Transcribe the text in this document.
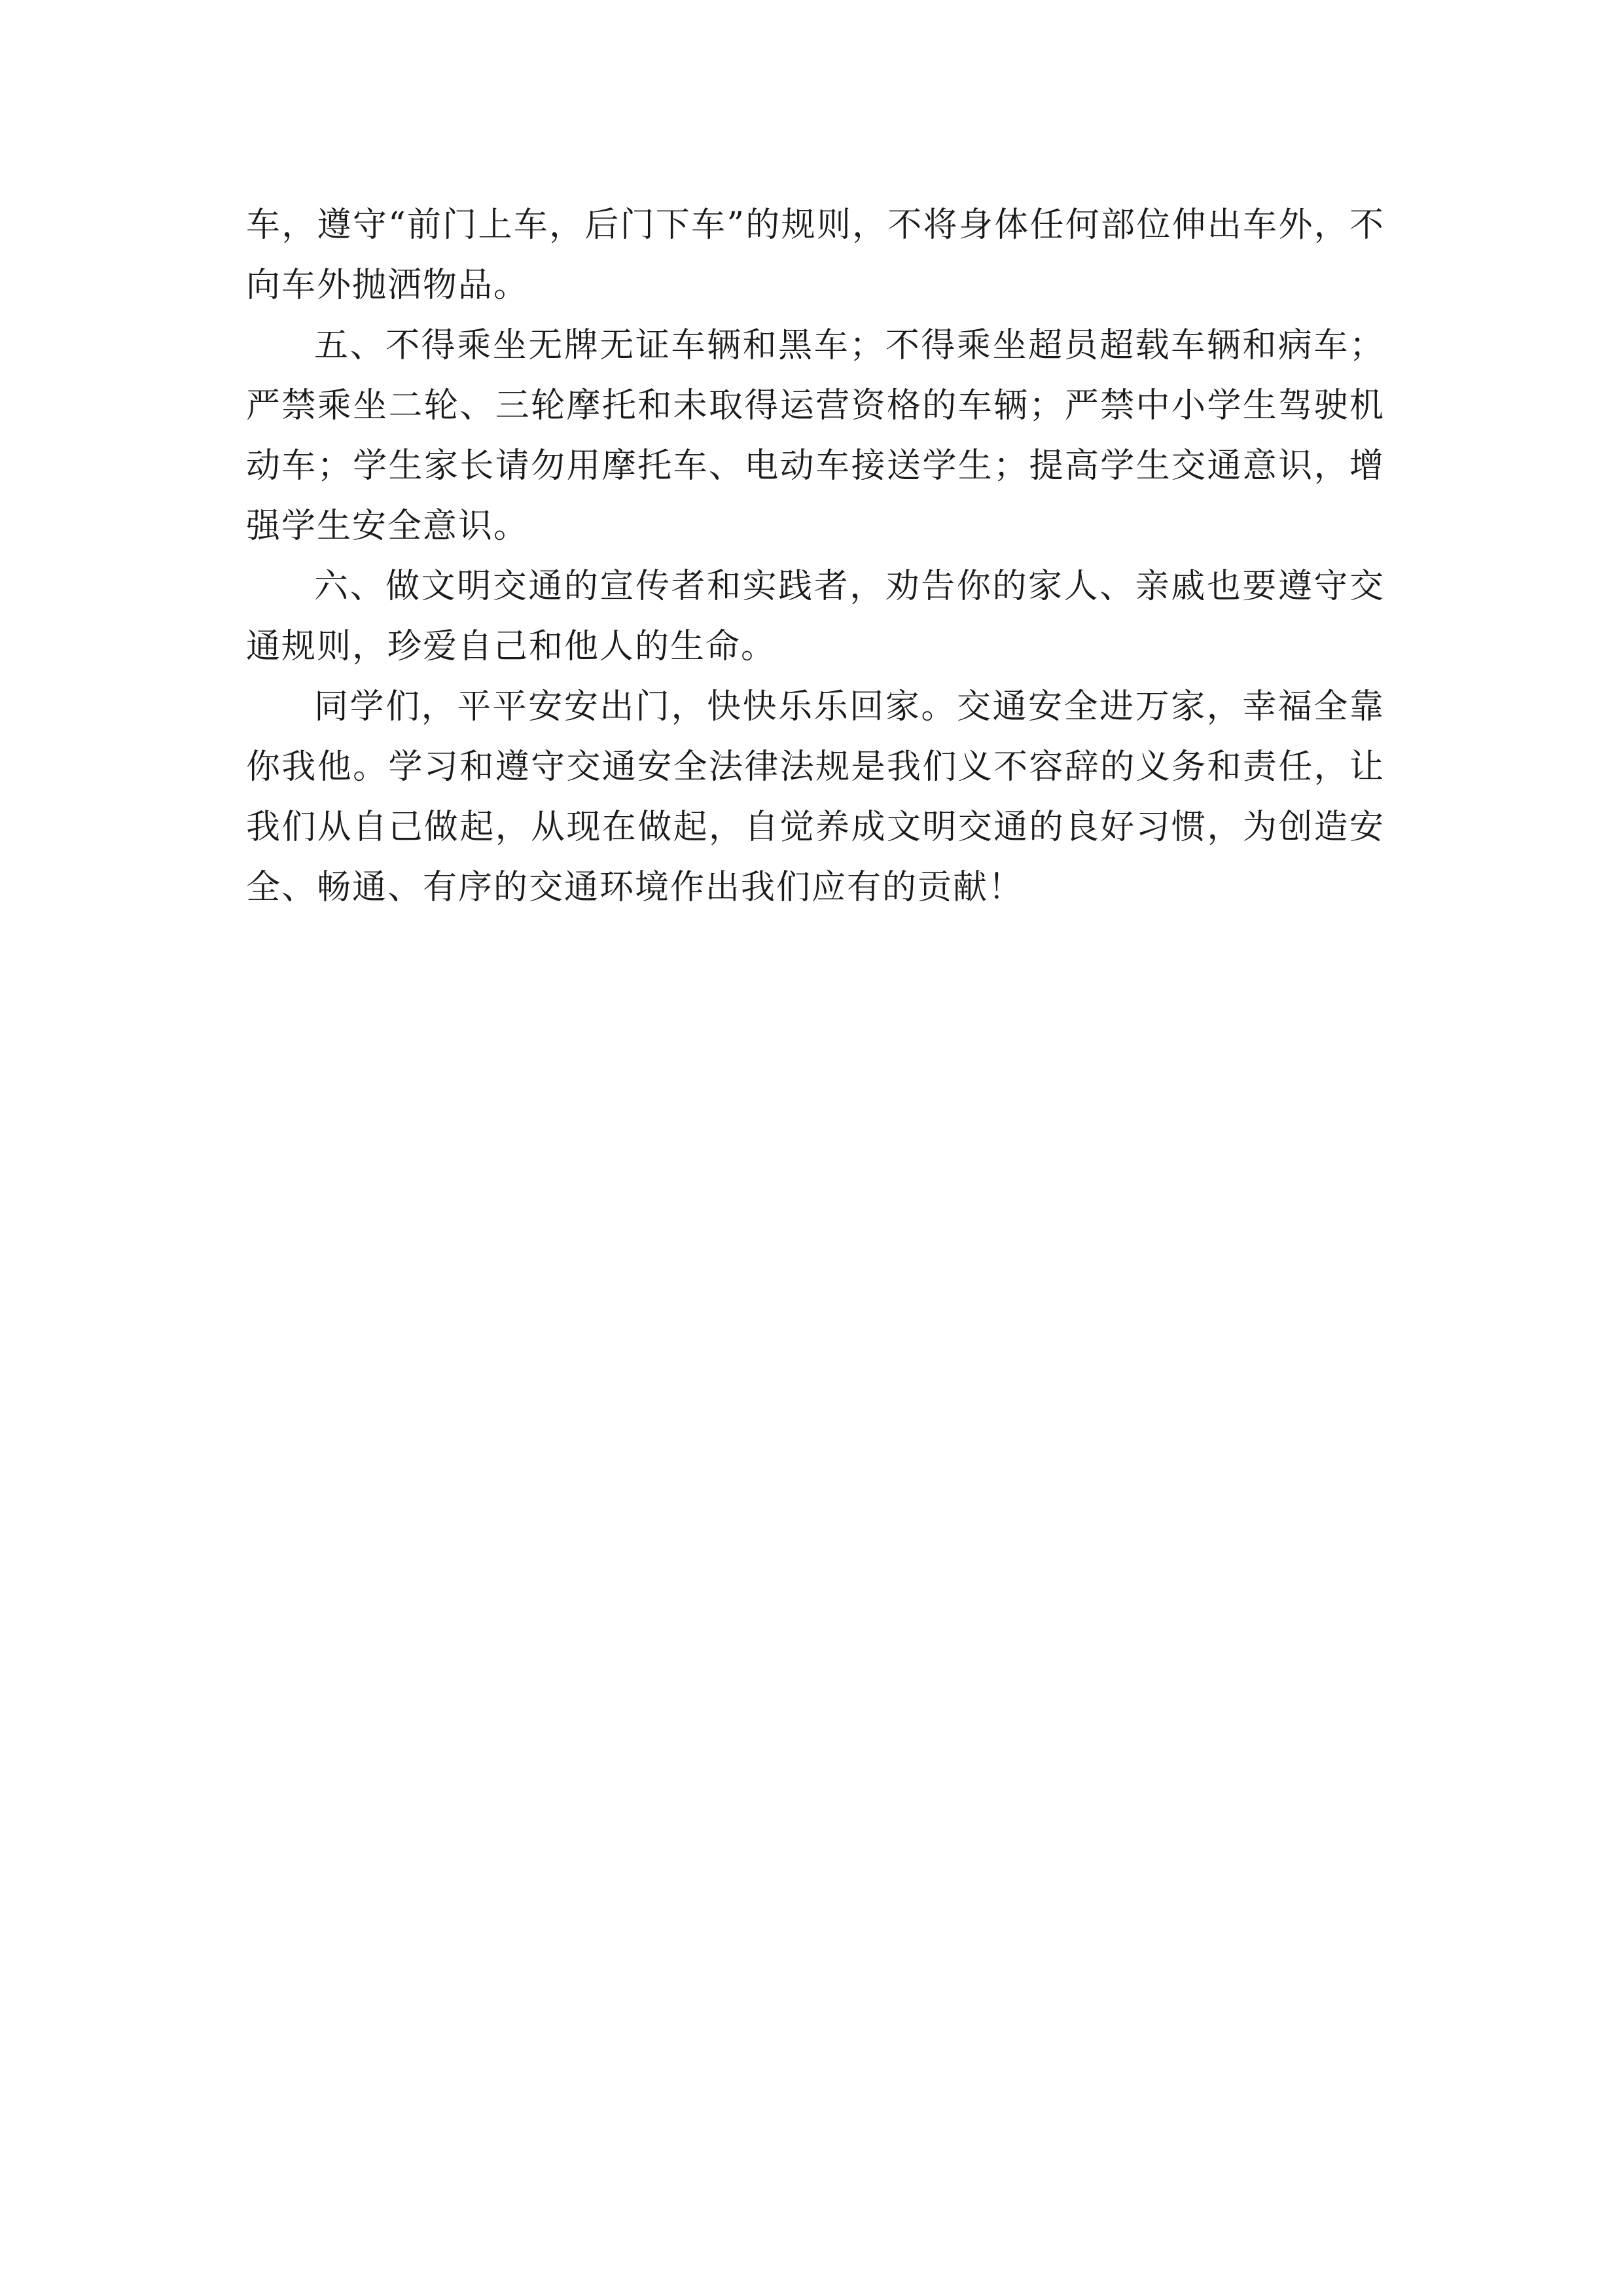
车，遵守“前门上车，后门下车”的规则，不将身体任何部位伸出车外，不向车外抛洒物品。

五、不得乘坐无牌无证车辆和黑车；不得乘坐超员超载车辆和病车；严禁乘坐二轮、三轮摩托和未取得运营资格的车辆；严禁中小学生驾驶机动车；学生家长请勿用摩托车、电动车接送学生；提高学生交通意识，增强学生安全意识。

六、做文明交通的宣传者和实践者，劝告你的家人、亲戚也要遵守交通规则，珍爱自己和他人的生命。

同学们，平平安安出门，快快乐乐回家。交通安全进万家，幸福全靠你我他。学习和遵守交通安全法律法规是我们义不容辞的义务和责任，让我们从自己做起，从现在做起，自觉养成文明交通的良好习惯，为创造安全、畅通、有序的交通环境作出我们应有的贡献！
